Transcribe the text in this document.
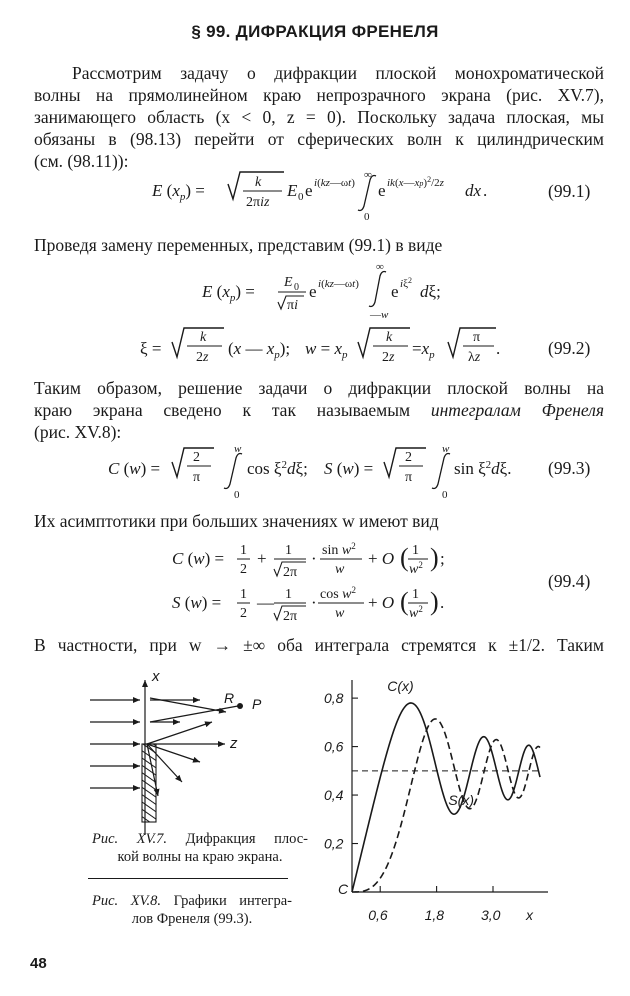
§ 99. ДИФРАКЦИЯ ФРЕНЕЛЯ
Рассмотрим задачу о дифракции плоской монохроматической
волны на прямолинейном краю непрозрачного экрана (рис. XV.7),
занимающего область (x < 0, z = 0). Поскольку задача плоская, мы
обязаны в (98.13) перейти от сферических волн к цилиндрическим
(см. (98.11)):
E $(x_p)$ =	k
2πiz
E 0 e i(kz—ωt)
∞
0
e ik(x—xp)$^2$/2z dx .	(99.1)
Проведя замену переменных, представим (99.1) в виде
E $(x_p) = E$ 0
πi
e i(kz—ωt)
∞
—w
e $i\xi^2$
dξ;
ξ =
k
2z (x — $x_p$); $w = x_p$
k
$2z =x_p$
π
λz .	(99.2)
Таким образом, решение задачи о дифракции плоской волны на
краю экрана сведено к так называемым интегралам Френеля
(рис. XV.8):
C (w) =
2
π
w
0
$\cos \xi^2d\xi$; S (w) =
2
π
w
0
$\sin \xi^2d\xi$. (99.3)
Их асимптотики при больших значениях w имеют вид
C (w) = 1
2
+ 1
2π
· $\sin w^2$
w
+ O ( 1
$w^2$ ) ;
S (w) = 1
2
— 1
2π
· $\cos w^2$
w
+ O ( 1
$w^2$ ) .
(99.4)
В частности, при w → ±∞ оба интеграла стремятся к ±1/2. Таким
x
z
R P
Рис. XV.7. Дифракция плос-
кой волны на краю экрана.
Рис. XV.8. Графики интегра-
лов Френеля (99.3).
0,8
0,6
0,4
0,2
C
0,6	1,8	3,0 x
C(x)
S(x)
48
